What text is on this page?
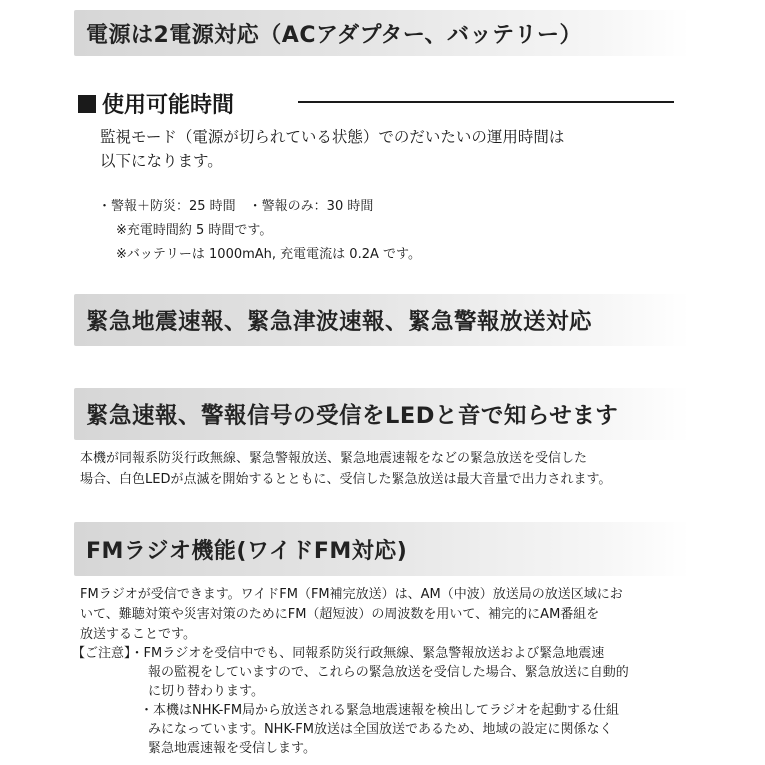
電源は2電源対応（ACアダプター、バッテリー）
使用可能時間
監視モード（電源が切られている状態）でのだいたいの運用時間は
以下になります。
・警報＋防災：25 時間　・警報のみ：30 時間
※充電時間約 5 時間です。
※バッテリーは 1000mAh, 充電電流は 0.2A です。
緊急地震速報、緊急津波速報、緊急警報放送対応
緊急速報、警報信号の受信をLEDと音で知らせます
本機が同報系防災行政無線、緊急警報放送、緊急地震速報をなどの緊急放送を受信した
場合、白色LEDが点滅を開始するとともに、受信した緊急放送は最大音量で出力されます。
FMラジオ機能(ワイドFM対応)
FMラジオが受信できます。ワイドFM（FM補完放送）は、AM（中波）放送局の放送区域にお
いて、難聴対策や災害対策のためにFM（超短波）の周波数を用いて、補完的にAM番組を
放送することです。
【ご注意】・FMラジオを受信中でも、同報系防災行政無線、緊急警報放送および緊急地震速
報の監視をしていますので、これらの緊急放送を受信した場合、緊急放送に自動的
に切り替わります。
・本機はNHK-FM局から放送される緊急地震速報を検出してラジオを起動する仕組
みになっています。NHK-FM放送は全国放送であるため、地域の設定に関係なく
緊急地震速報を受信します。
